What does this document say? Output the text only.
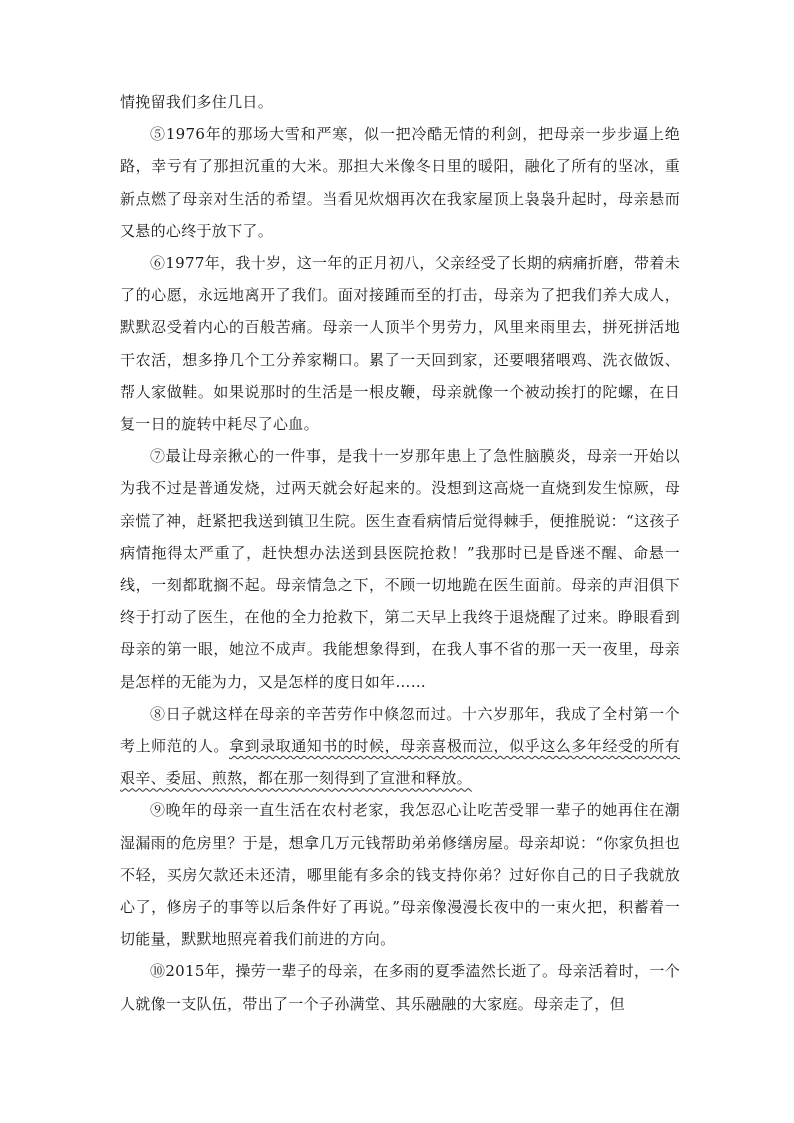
情挽留我们多住几日。

⑤1976年的那场大雪和严寒，似一把冷酷无情的利剑，把母亲一步步逼上绝路，幸亏有了那担沉重的大米。那担大米像冬日里的暖阳，融化了所有的坚冰，重新点燃了母亲对生活的希望。当看见炊烟再次在我家屋顶上袅袅升起时，母亲悬而又悬的心终于放下了。

⑥1977年，我十岁，这一年的正月初八，父亲经受了长期的病痛折磨，带着未了的心愿，永远地离开了我们。面对接踵而至的打击，母亲为了把我们养大成人，默默忍受着内心的百般苦痛。母亲一人顶半个男劳力，风里来雨里去，拼死拼活地干农活，想多挣几个工分养家糊口。累了一天回到家，还要喂猪喂鸡、洗衣做饭、帮人家做鞋。如果说那时的生活是一根皮鞭，母亲就像一个被动挨打的陀螺，在日复一日的旋转中耗尽了心血。

⑦最让母亲揪心的一件事，是我十一岁那年患上了急性脑膜炎，母亲一开始以为我不过是普通发烧，过两天就会好起来的。没想到这高烧一直烧到发生惊厥，母亲慌了神，赶紧把我送到镇卫生院。医生查看病情后觉得棘手，便推脱说：“这孩子病情拖得太严重了，赶快想办法送到县医院抢救！”我那时已是昏迷不醒、命悬一线，一刻都耽搁不起。母亲情急之下，不顾一切地跪在医生面前。母亲的声泪俱下终于打动了医生，在他的全力抢救下，第二天早上我终于退烧醒了过来。睁眼看到母亲的第一眼，她泣不成声。我能想象得到，在我人事不省的那一天一夜里，母亲是怎样的无能为力，又是怎样的度日如年……

⑧日子就这样在母亲的辛苦劳作中倏忽而过。十六岁那年，我成了全村第一个考上师范的人。拿到录取通知书的时候，母亲喜极而泣，似乎这么多年经受的所有艰辛、委屈、煎熬，都在那一刻得到了宣泄和释放。

⑨晚年的母亲一直生活在农村老家，我怎忍心让吃苦受罪一辈子的她再住在潮湿漏雨的危房里？于是，想拿几万元钱帮助弟弟修缮房屋。母亲却说：“你家负担也不轻，买房欠款还未还清，哪里能有多余的钱支持你弟？过好你自己的日子我就放心了，修房子的事等以后条件好了再说。”母亲像漫漫长夜中的一束火把，积蓄着一切能量，默默地照亮着我们前进的方向。

⑩2015年，操劳一辈子的母亲，在多雨的夏季溘然长逝了。母亲活着时，一个人就像一支队伍，带出了一个子孙满堂、其乐融融的大家庭。母亲走了，但
